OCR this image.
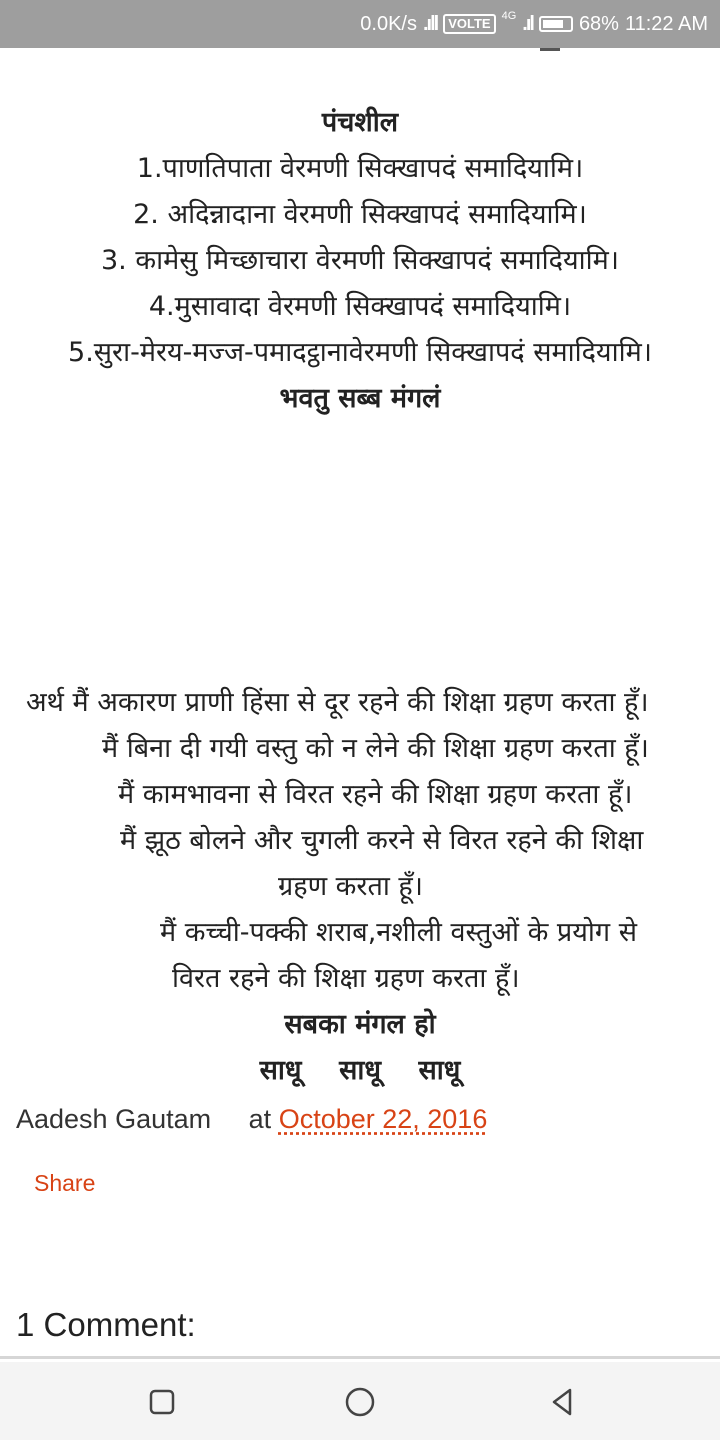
0.0K/s .ıll VOLTE	4G .ıl 68% 11:22 AM
पंचशील
1.पाणतिपाता वेरमणी सिक्खापदं समादियामि।
2. अदिन्नादाना वेरमणी सिक्खापदं समादियामि।
3. कामेसु मिच्छाचारा वेरमणी सिक्खापदं समादियामि।
4.मुसावादा वेरमणी सिक्खापदं समादियामि।
5.सुरा-मेरय-मज्ज-पमादट्ठानावेरमणी सिक्खापदं समादियामि।
भवतु सब्ब मंगलं
अर्थ मैं अकारण प्राणी हिंसा से दूर रहने की शिक्षा ग्रहण करता हूँ।
मैं बिना दी गयी वस्तु को न लेने की शिक्षा ग्रहण करता हूँ।
मैं कामभावना से विरत रहने की शिक्षा ग्रहण करता हूँ।
मैं झूठ बोलने और चुगली करने से विरत रहने की शिक्षा
ग्रहण करता हूँ।
मैं कच्ची-पक्की शराब,नशीली वस्तुओं के प्रयोग से
विरत रहने की शिक्षा ग्रहण करता हूँ।
सबका मंगल हो
साधू    साधू    साधू
Aadesh Gautam at October 22, 2016
Share
1 Comment:
